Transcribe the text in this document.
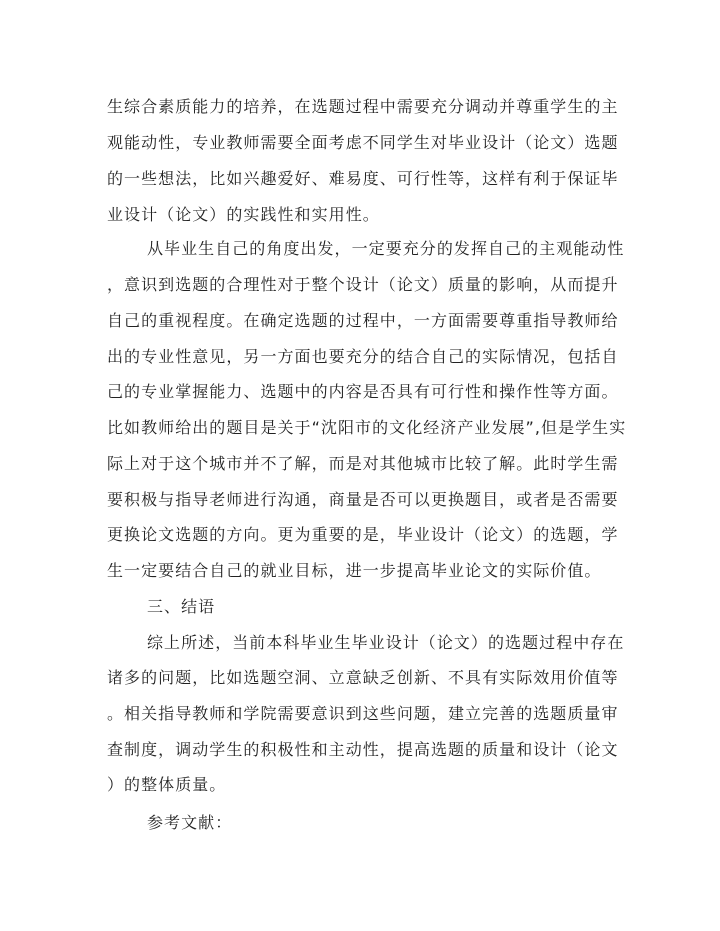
生综合素质能力的培养，在选题过程中需要充分调动并尊重学生的主
观能动性，专业教师需要全面考虑不同学生对毕业设计（论文）选题
的一些想法，比如兴趣爱好、难易度、可行性等，这样有利于保证毕
业设计（论文）的实践性和实用性。
从毕业生自己的角度出发，一定要充分的发挥自己的主观能动性
，意识到选题的合理性对于整个设计（论文）质量的影响，从而提升
自己的重视程度。在确定选题的过程中，一方面需要尊重指导教师给
出的专业性意见，另一方面也要充分的结合自己的实际情况，包括自
己的专业掌握能力、选题中的内容是否具有可行性和操作性等方面。
比如教师给出的题目是关于“沈阳市的文化经济产业发展”,但是学生实
际上对于这个城市并不了解，而是对其他城市比较了解。此时学生需
要积极与指导老师进行沟通，商量是否可以更换题目，或者是否需要
更换论文选题的方向。更为重要的是，毕业设计（论文）的选题，学
生一定要结合自己的就业目标，进一步提高毕业论文的实际价值。
三、结语
综上所述，当前本科毕业生毕业设计（论文）的选题过程中存在
诸多的问题，比如选题空洞、立意缺乏创新、不具有实际效用价值等
。相关指导教师和学院需要意识到这些问题，建立完善的选题质量审
查制度，调动学生的积极性和主动性，提高选题的质量和设计（论文
）的整体质量。
参考文献：
